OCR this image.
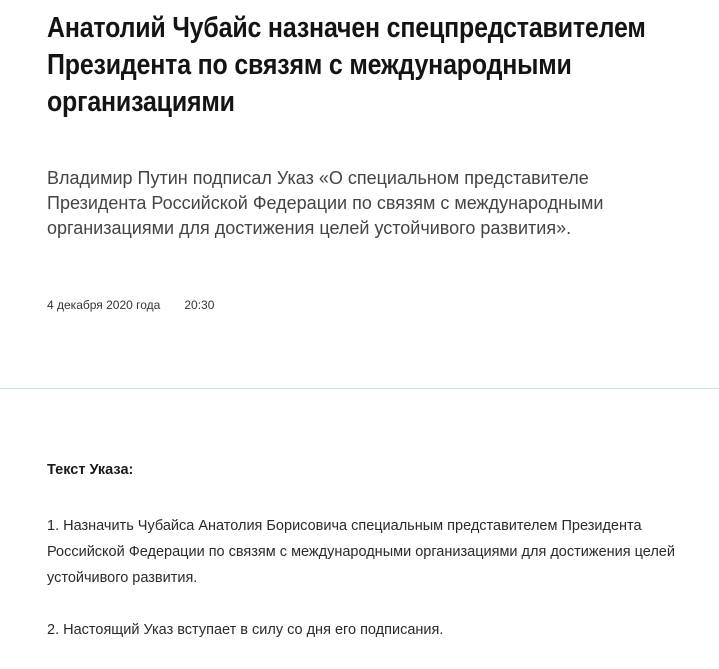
Анатолий Чубайс назначен спецпредставителем Президента по связям с международными организациями

Владимир Путин подписал Указ «О специальном представителе Президента Российской Федерации по связям с международными организациями для достижения целей устойчивого развития».

4 декабря 2020 года 20:30
Текст Указа:

1. Назначить Чубайса Анатолия Борисовича специальным представителем Президента Российской Федерации по связям с международными организациями для достижения целей устойчивого развития.

2. Настоящий Указ вступает в силу со дня его подписания.
